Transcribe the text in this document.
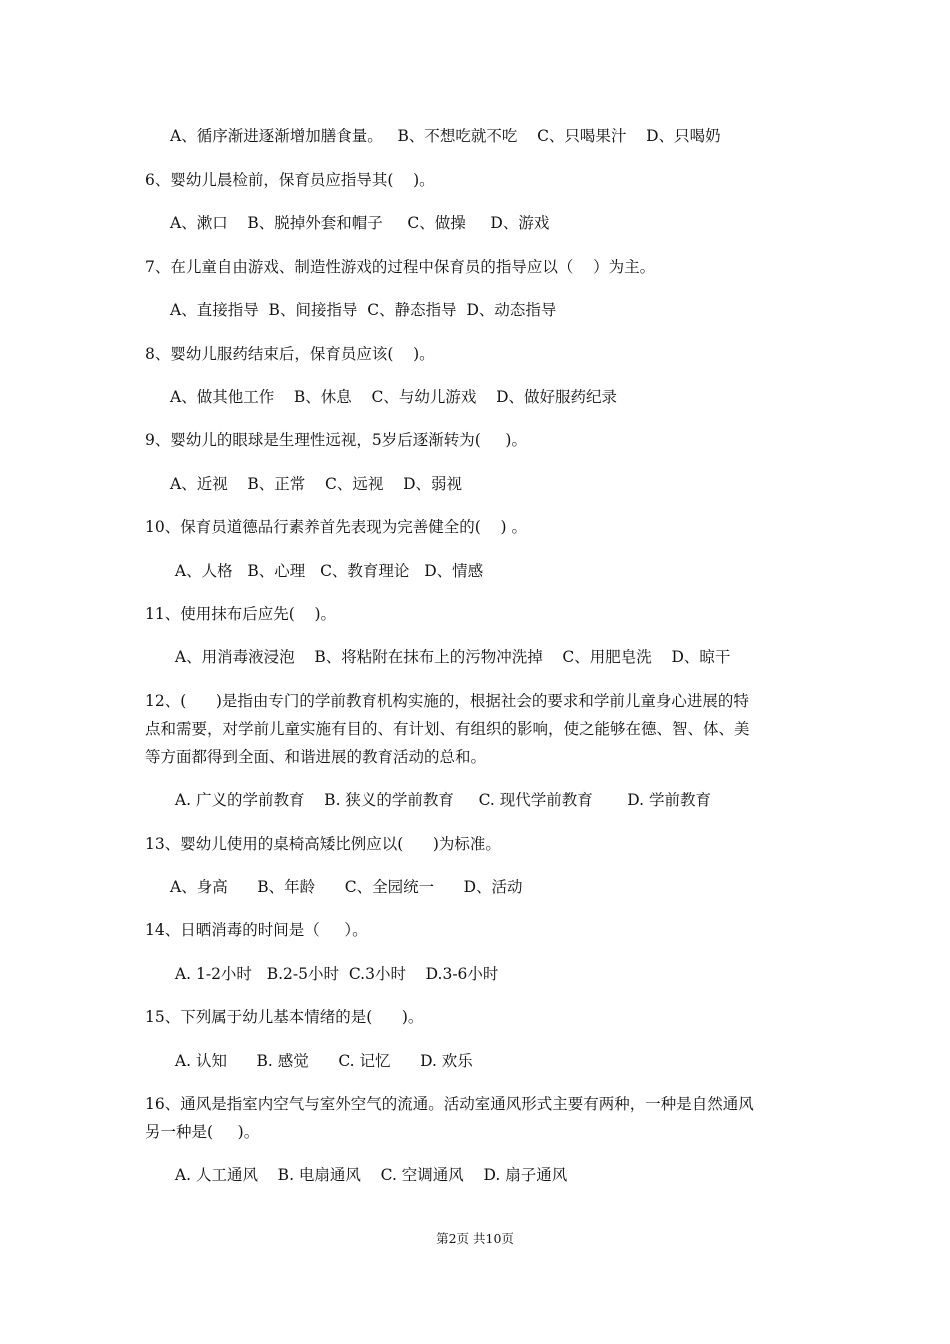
A、循序渐进逐渐增加膳食量。   B、不想吃就不吃    C、只喝果汁    D、只喝奶
6、婴幼儿晨检前，保育员应指导其(    )。
A、漱口    B、脱掉外套和帽子     C、做操     D、游戏
7、在儿童自由游戏、制造性游戏的过程中保育员的指导应以（    ）为主。
A、直接指导  B、间接指导  C、静态指导  D、动态指导
8、婴幼儿服药结束后，保育员应该(    )。
A、做其他工作    B、休息    C、与幼儿游戏    D、做好服药纪录
9、婴幼儿的眼球是生理性远视，5岁后逐渐转为(     )。
A、近视    B、正常    C、远视    D、弱视
10、保育员道德品行素养首先表现为完善健全的(    ) 。
A、人格   B、心理   C、教育理论   D、情感
11、使用抹布后应先(    )。
A、用消毒液浸泡    B、将粘附在抹布上的污物冲洗掉    C、用肥皂洗    D、晾干
12、(      )是指由专门的学前教育机构实施的，根据社会的要求和学前儿童身心进展的特
点和需要，对学前儿童实施有目的、有计划、有组织的影响，使之能够在德、智、体、美
等方面都得到全面、和谐进展的教育活动的总和。
A. 广义的学前教育    B. 狭义的学前教育     C. 现代学前教育       D. 学前教育
13、婴幼儿使用的桌椅高矮比例应以(      )为标准。
A、身高      B、年龄      C、全园统一      D、活动
14、日晒消毒的时间是（     ）。
A. 1-2小时   B.2-5小时  C.3小时    D.3-6小时
15、下列属于幼儿基本情绪的是(      )。
A. 认知      B. 感觉      C. 记忆      D. 欢乐
16、通风是指室内空气与室外空气的流通。活动室通风形式主要有两种，一种是自然通风
另一种是(     )。
A. 人工通风    B. 电扇通风    C. 空调通风    D. 扇子通风
第2页 共10页
